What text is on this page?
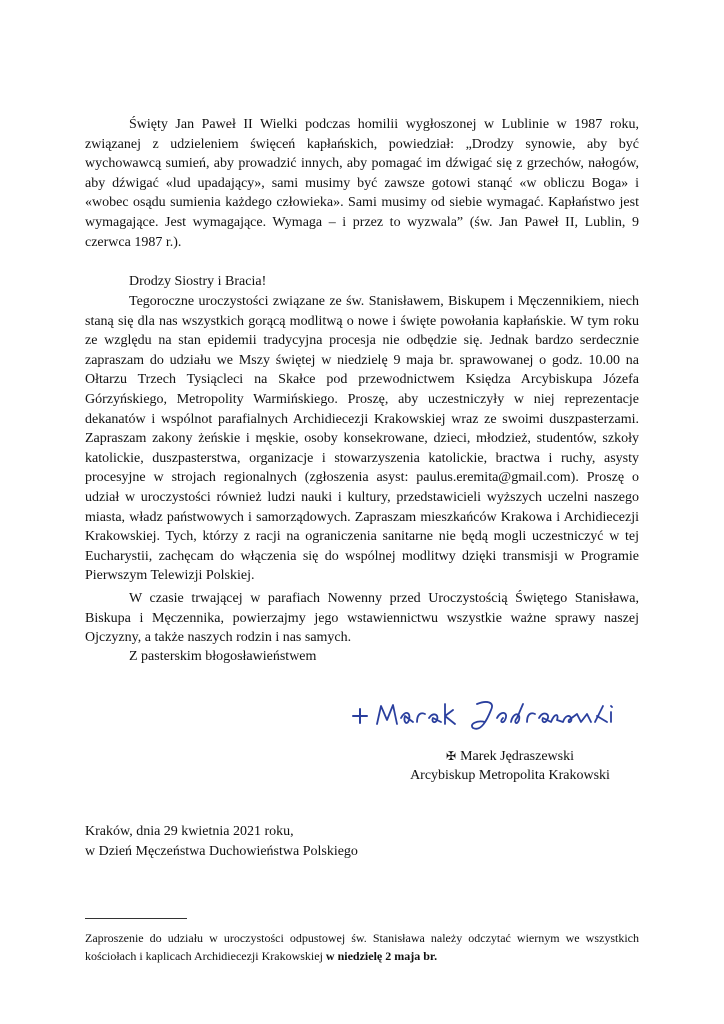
Święty Jan Paweł II Wielki podczas homilii wygłoszonej w Lublinie w 1987 roku, związanej z udzieleniem święceń kapłańskich, powiedział: „Drodzy synowie, aby być wychowawcą sumień, aby prowadzić innych, aby pomagać im dźwigać się z grzechów, nałogów, aby dźwigać «lud upadający», sami musimy być zawsze gotowi stanąć «w obliczu Boga» i «wobec osądu sumienia każdego człowieka». Sami musimy od siebie wymagać. Kapłaństwo jest wymagające. Jest wymagające. Wymaga – i przez to wyzwala” (św. Jan Paweł II, Lublin, 9 czerwca 1987 r.).

Drodzy Siostry i Bracia!

Tegoroczne uroczystości związane ze św. Stanisławem, Biskupem i Męczennikiem, niech staną się dla nas wszystkich gorącą modlitwą o nowe i święte powołania kapłańskie. W tym roku ze względu na stan epidemii tradycyjna procesja nie odbędzie się. Jednak bardzo serdecznie zapraszam do udziału we Mszy świętej w niedzielę 9 maja br. sprawowanej o godz. 10.00 na Ołtarzu Trzech Tysiącleci na Skałce pod przewodnictwem Księdza Arcybiskupa Józefa Górzyńskiego, Metropolity Warmińskiego. Proszę, aby uczestniczyły w niej reprezentacje dekanatów i wspólnot parafialnych Archidiecezji Krakowskiej wraz ze swoimi duszpasterzami. Zapraszam zakony żeńskie i męskie, osoby konsekrowane, dzieci, młodzież, studentów, szkoły katolickie, duszpasterstwa, organizacje i stowarzyszenia katolickie, bractwa i ruchy, asysty procesyjne w strojach regionalnych (zgłoszenia asyst: paulus.eremita@gmail.com). Proszę o udział w uroczystości również ludzi nauki i kultury, przedstawicieli wyższych uczelni naszego miasta, władz państwowych i samorządowych. Zapraszam mieszkańców Krakowa i Archidiecezji Krakowskiej. Tych, którzy z racji na ograniczenia sanitarne nie będą mogli uczestniczyć w tej Eucharystii, zachęcam do włączenia się do wspólnej modlitwy dzięki transmisji w Programie Pierwszym Telewizji Polskiej.

W czasie trwającej w parafiach Nowenny przed Uroczystością Świętego Stanisława, Biskupa i Męczennika, powierzajmy jego wstawiennictwu wszystkie ważne sprawy naszej Ojczyzny, a także naszych rodzin i nas samych.

Z pasterskim błogosławieństwem

✠ Marek Jędraszewski
Arcybiskup Metropolita Krakowski

Kraków, dnia 29 kwietnia 2021 roku,

w Dzień Męczeństwa Duchowieństwa Polskiego

Zaproszenie do udziału w uroczystości odpustowej św. Stanisława należy odczytać wiernym we wszystkich kościołach i kaplicach Archidiecezji Krakowskiej w niedzielę 2 maja br.
